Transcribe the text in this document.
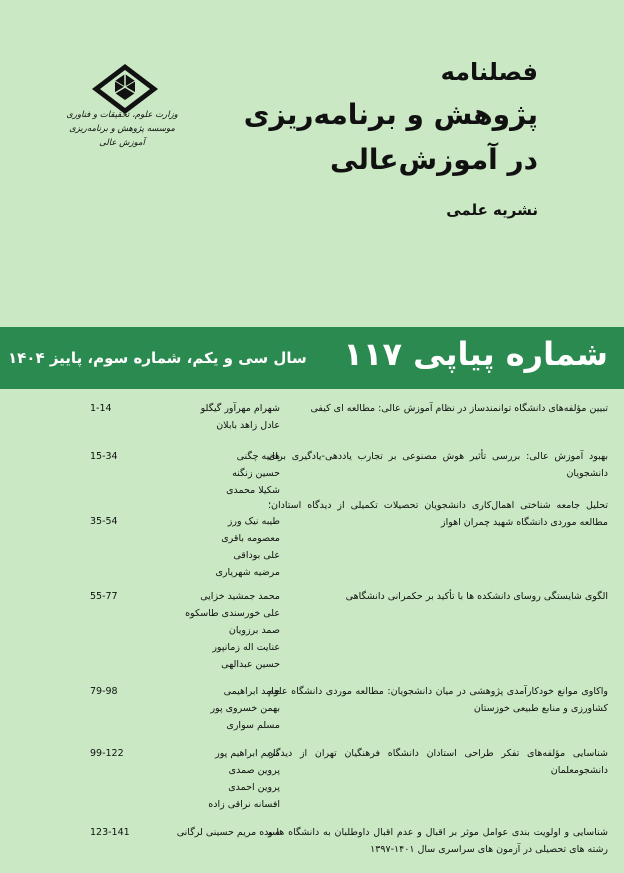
وزارت علوم، تحقیقات و فناوری
موسسه پژوهش و برنامه‌ریزی آموزش عالی
فصلنامه
پژوهش و برنامه‌ریزی
در آموزش‌عالی
نشریه علمی
شماره پیاپی ۱۱۷
سال سی و یکم، شماره سوم، پاییز ۱۴۰۴
تبیین مؤلفه‌های دانشگاه توانمندساز در نظام آموزش عالی: مطالعه ای کیفی
شهرام مهرآور گیگلو
عادل زاهد بابلان
1-14
بهبود آموزش عالی: بررسی تأثیر هوش مصنوعی بر تجارب یاددهی-یادگیری برای دانشجویان
هانیه چگنی
حسین زنگنه
شکیلا محمدی
15-34
تحلیل جامعه شناختی اهمال‌کاری دانشجویان تحصیلات تکمیلی از دیدگاه استادان؛ مطالعه موردی دانشگاه شهید چمران اهواز
طیبه نیک ورز
معصومه باقری
علی بوداقی
مرضیه شهریاری
35-54
الگوی شایستگی روسای دانشکده ها با تأکید بر حکمرانی دانشگاهی
محمد جمشید خزایی
علی خورسندی طاسکوه
صمد برزویان
عنایت اله زمانپور
حسین عبدالهی
55-77
واکاوی موانع خودکارآمدی پژوهشی در میان دانشجویان: مطالعه موردی دانشگاه علوم کشاورزی و منابع طبیعی خوزستان
حامد ابراهیمی
بهمن خسروی پور
مسلم سواری
79-98
شناسایی مؤلفه‌های تفکر طراحی استادان دانشگاه فرهنگیان تهران از دیدگاه دانشجومعلمان
مریم ابراهیم پور
پروین صمدی
پروین احمدی
افسانه نراقی زاده
99-122
شناسایی و اولویت بندی عوامل موثر بر اقبال و عدم اقبال داوطلبان به دانشگاه ها و رشته های تحصیلی در آزمون های سراسری سال ۱۴۰۱-۱۳۹۷
سیده مریم حسینی لرگانی
123-141
